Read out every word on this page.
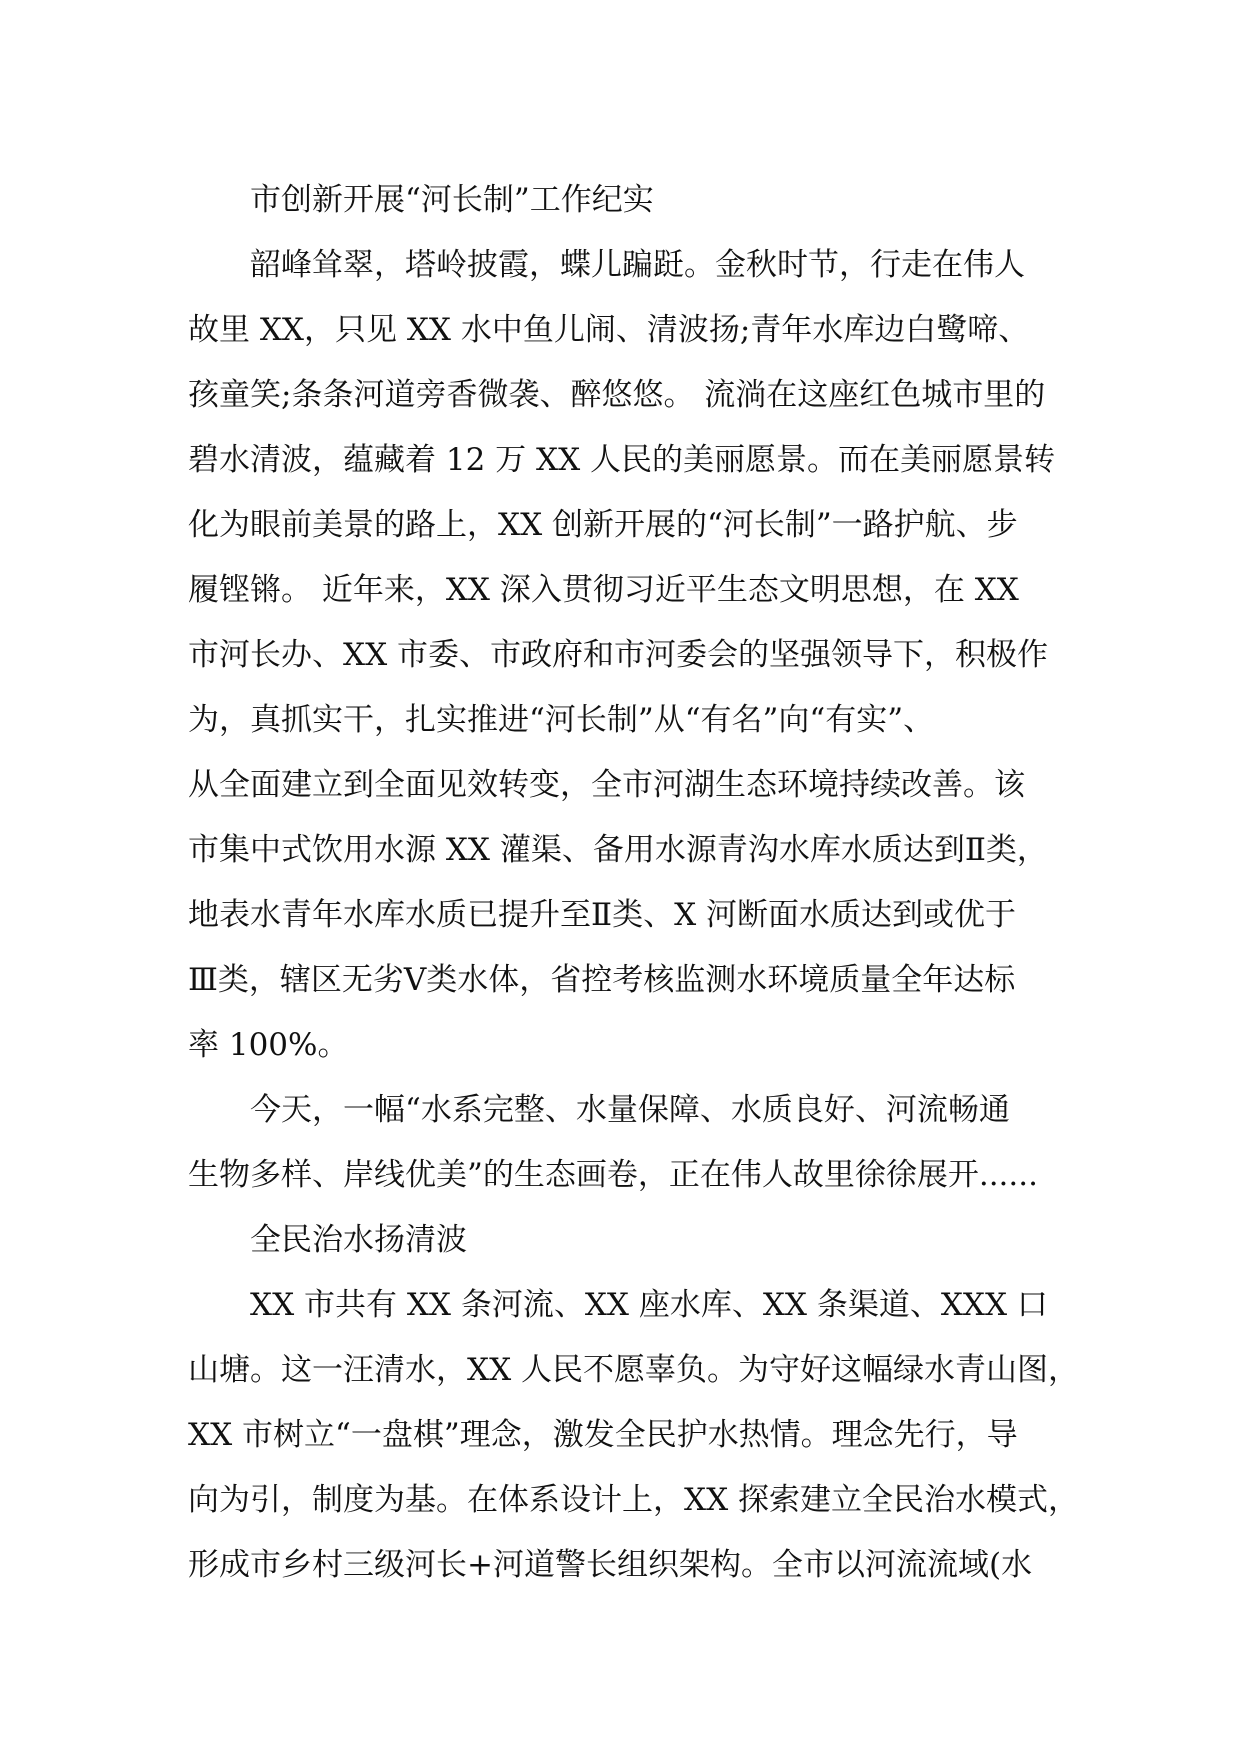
市创新开展“河长制”工作纪实
韶峰耸翠，塔岭披霞，蝶儿蹁跹。金秋时节，行走在伟人
故里 XX，只见 XX 水中鱼儿闹、清波扬;青年水库边白鹭啼、
孩童笑;条条河道旁香微袭、醉悠悠。 流淌在这座红色城市里的
碧水清波，蕴藏着 12 万 XX 人民的美丽愿景。而在美丽愿景转
化为眼前美景的路上，XX 创新开展的“河长制”一路护航、步
履铿锵。 近年来，XX 深入贯彻习近平生态文明思想，在 XX
市河长办、XX 市委、市政府和市河委会的坚强领导下，积极作
为，真抓实干，扎实推进“河长制”从“有名”向“有实”、
从全面建立到全面见效转变，全市河湖生态环境持续改善。该
市集中式饮用水源 XX 灌渠、备用水源青沟水库水质达到Ⅱ类，
地表水青年水库水质已提升至Ⅱ类、X 河断面水质达到或优于
Ⅲ类，辖区无劣Ⅴ类水体，省控考核监测水环境质量全年达标
率 100%。
今天，一幅“水系完整、水量保障、水质良好、河流畅通
生物多样、岸线优美”的生态画卷，正在伟人故里徐徐展开......
全民治水扬清波
XX 市共有 XX 条河流、XX 座水库、XX 条渠道、XXX 口
山塘。这一汪清水，XX 人民不愿辜负。为守好这幅绿水青山图，
XX 市树立“一盘棋”理念，激发全民护水热情。理念先行，导
向为引，制度为基。在体系设计上，XX 探索建立全民治水模式，
形成市乡村三级河长+河道警长组织架构。全市以河流流域(水
